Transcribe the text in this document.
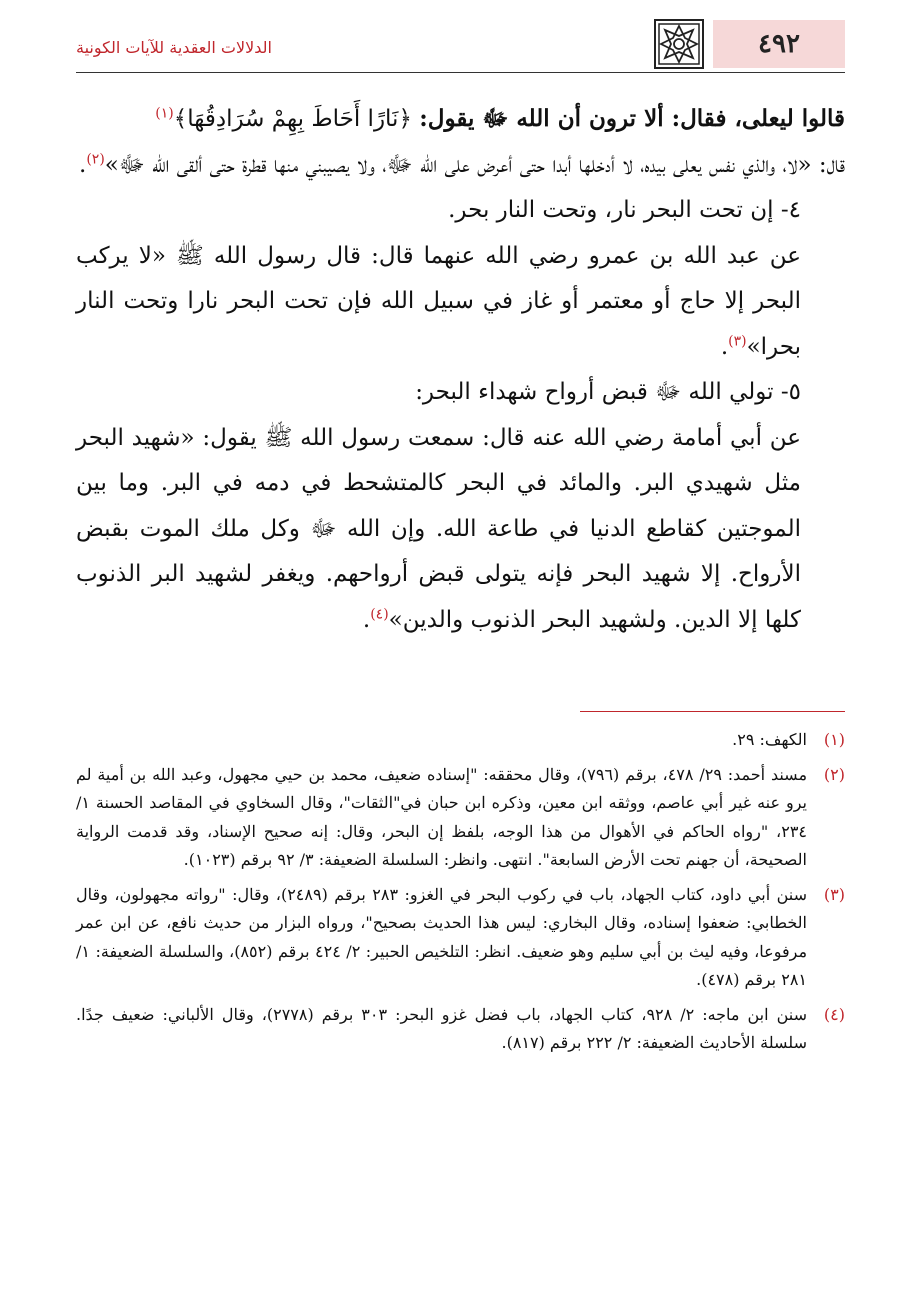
٤٩٢
الدلالات العقدية للآيات الكونية

قالوا ليعلى، فقال: ألا ترون أن الله ﷻ يقول: ﴿نَارًا أَحَاطَ بِهِمْ سُرَادِقُهَا﴾$^{(١)}$

قال: «لا، والذي نفس يعلى بيده، لا أدخلها أبدا حتى أعرض على الله ﷻ، ولا يصيبني منها قطرة حتى ألقى الله ﷻ»$^{(٢)}$.

٤- إن تحت البحر نار، وتحت النار بحر.

عن عبد الله بن عمرو رضي الله عنهما قال: قال رسول الله ﷺ «لا يركب البحر إلا حاج أو معتمر أو غاز في سبيل الله فإن تحت البحر نارا وتحت النار بحرا»$^{(٣)}$.

٥- تولي الله ﷻ قبض أرواح شهداء البحر:

عن أبي أمامة رضي الله عنه قال: سمعت رسول الله ﷺ يقول: «شهيد البحر مثل شهيدي البر. والمائد في البحر كالمتشحط في دمه في البر. وما بين الموجتين كقاطع الدنيا في طاعة الله. وإن الله ﷻ وكل ملك الموت بقبض الأرواح. إلا شهيد البحر فإنه يتولى قبض أرواحهم. ويغفر لشهيد البر الذنوب كلها إلا الدين. ولشهيد البحر الذنوب والدين»$^{(٤)}$.

(١)
الكهف: ٢٩.
(٢)
مسند أحمد: ٢٩/ ٤٧٨، برقم (٧٩٦)، وقال محققه: "إسناده ضعيف، محمد بن حيي مجهول، وعبد الله بن أمية لم يرو عنه غير أبي عاصم، ووثقه ابن معين، وذكره ابن حبان في"الثقات"، وقال السخاوي في المقاصد الحسنة ١/ ٢٣٤، "رواه الحاكم في الأهوال من هذا الوجه، بلفظ إن البحر، وقال: إنه صحيح الإسناد، وقد قدمت الرواية الصحيحة، أن جهنم تحت الأرض السابعة". انتهى. وانظر: السلسلة الضعيفة: ٣/ ٩٢ برقم (١٠٢٣).
(٣)
سنن أبي داود، كتاب الجهاد، باب في ركوب البحر في الغزو: ٢٨٣ برقم (٢٤٨٩)، وقال: "رواته مجهولون، وقال الخطابي: ضعفوا إسناده، وقال البخاري: ليس هذا الحديث بصحيح"، ورواه البزار من حديث نافع، عن ابن عمر مرفوعا، وفيه ليث بن أبي سليم وهو ضعيف. انظر: التلخيص الحبير: ٢/ ٤٢٤ برقم (٨٥٢)، والسلسلة الضعيفة: ١/ ٢٨١ برقم (٤٧٨).
(٤)
سنن ابن ماجه: ٢/ ٩٢٨، كتاب الجهاد، باب فضل غزو البحر: ٣٠٣ برقم (٢٧٧٨)، وقال الألباني: ضعيف جدًا. سلسلة الأحاديث الضعيفة: ٢/ ٢٢٢ برقم (٨١٧).
